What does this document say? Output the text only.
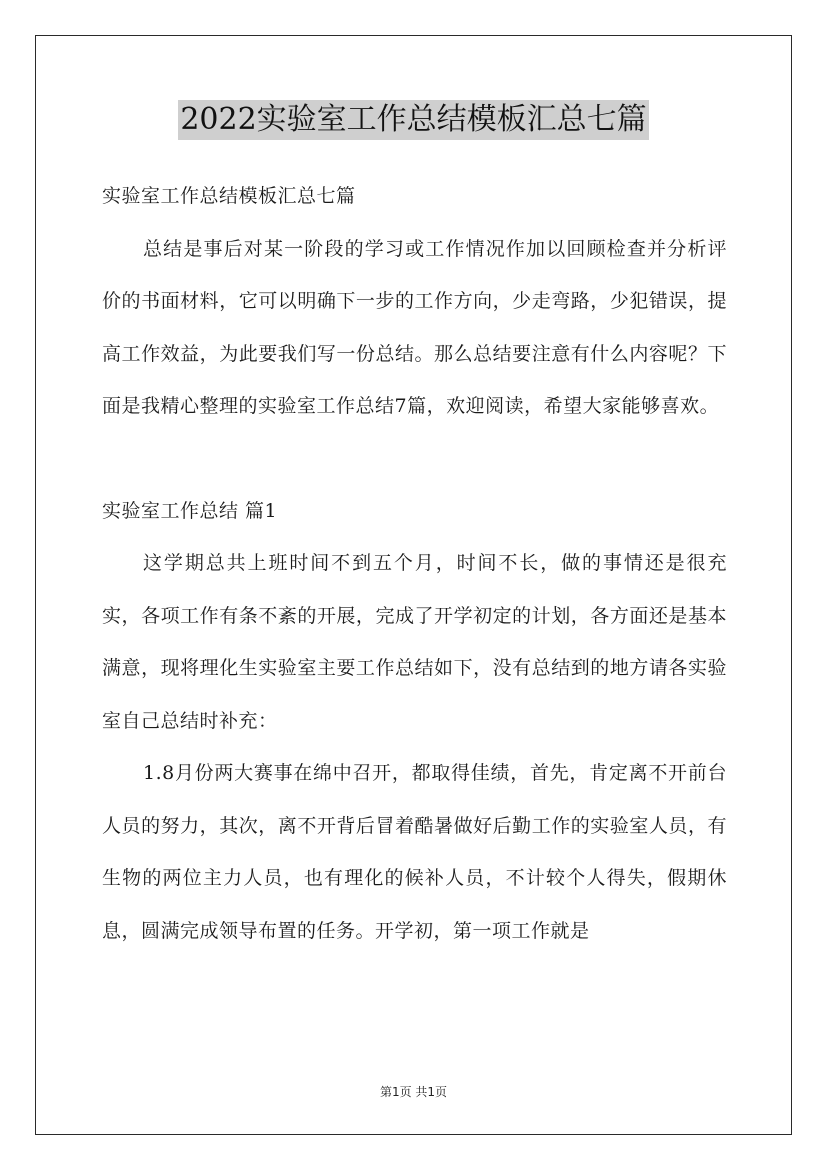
2022实验室工作总结模板汇总七篇

实验室工作总结模板汇总七篇

总结是事后对某一阶段的学习或工作情况作加以回顾检查并分析评价的书面材料，它可以明确下一步的工作方向，少走弯路，少犯错误，提高工作效益，为此要我们写一份总结。那么总结要注意有什么内容呢？下面是我精心整理的实验室工作总结7篇，欢迎阅读，希望大家能够喜欢。

实验室工作总结 篇1

这学期总共上班时间不到五个月，时间不长，做的事情还是很充实，各项工作有条不紊的开展，完成了开学初定的计划，各方面还是基本满意，现将理化生实验室主要工作总结如下，没有总结到的地方请各实验室自己总结时补充：

1.8月份两大赛事在绵中召开，都取得佳绩，首先，肯定离不开前台人员的努力，其次，离不开背后冒着酷暑做好后勤工作的实验室人员，有生物的两位主力人员，也有理化的候补人员，不计较个人得失，假期休息，圆满完成领导布置的任务。开学初，第一项工作就是

第1页 共1页
